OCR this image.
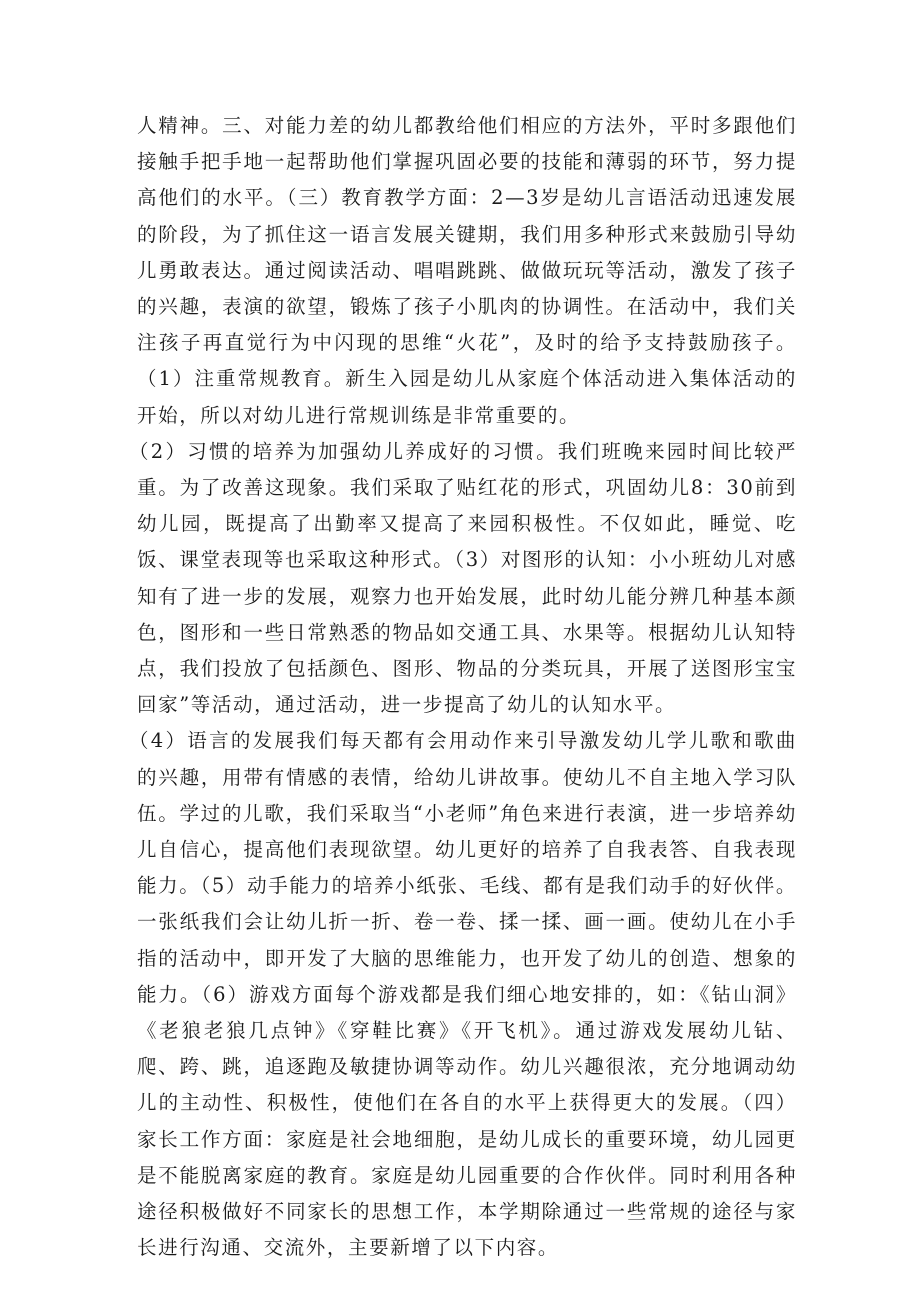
人精神。三、对能力差的幼儿都教给他们相应的方法外，平时多跟他们接触手把手地一起帮助他们掌握巩固必要的技能和薄弱的环节，努力提高他们的水平。（三）教育教学方面：2—3岁是幼儿言语活动迅速发展的阶段，为了抓住这一语言发展关键期，我们用多种形式来鼓励引导幼儿勇敢表达。通过阅读活动、唱唱跳跳、做做玩玩等活动，激发了孩子的兴趣，表演的欲望，锻炼了孩子小肌肉的协调性。在活动中，我们关注孩子再直觉行为中闪现的思维“火花”，及时的给予支持鼓励孩子。（1）注重常规教育。新生入园是幼儿从家庭个体活动进入集体活动的开始，所以对幼儿进行常规训练是非常重要的。

（2）习惯的培养为加强幼儿养成好的习惯。我们班晚来园时间比较严重。为了改善这现象。我们采取了贴红花的形式，巩固幼儿8：30前到幼儿园，既提高了出勤率又提高了来园积极性。不仅如此，睡觉、吃饭、课堂表现等也采取这种形式。（3）对图形的认知：小小班幼儿对感知有了进一步的发展，观察力也开始发展，此时幼儿能分辨几种基本颜色，图形和一些日常熟悉的物品如交通工具、水果等。根据幼儿认知特点，我们投放了包括颜色、图形、物品的分类玩具，开展了送图形宝宝回家”等活动，通过活动，进一步提高了幼儿的认知水平。

（4）语言的发展我们每天都有会用动作来引导激发幼儿学儿歌和歌曲的兴趣，用带有情感的表情，给幼儿讲故事。使幼儿不自主地入学习队伍。学过的儿歌，我们采取当“小老师”角色来进行表演，进一步培养幼儿自信心，提高他们表现欲望。幼儿更好的培养了自我表答、自我表现能力。（5）动手能力的培养小纸张、毛线、都有是我们动手的好伙伴。一张纸我们会让幼儿折一折、卷一卷、揉一揉、画一画。使幼儿在小手指的活动中，即开发了大脑的思维能力，也开发了幼儿的创造、想象的能力。（6）游戏方面每个游戏都是我们细心地安排的，如：《钻山洞》《老狼老狼几点钟》《穿鞋比赛》《开飞机》。通过游戏发展幼儿钻、爬、跨、跳，追逐跑及敏捷协调等动作。幼儿兴趣很浓，充分地调动幼儿的主动性、积极性，使他们在各自的水平上获得更大的发展。（四）家长工作方面：家庭是社会地细胞，是幼儿成长的重要环境，幼儿园更是不能脱离家庭的教育。家庭是幼儿园重要的合作伙伴。同时利用各种途径积极做好不同家长的思想工作，本学期除通过一些常规的途径与家长进行沟通、交流外，主要新增了以下内容。
